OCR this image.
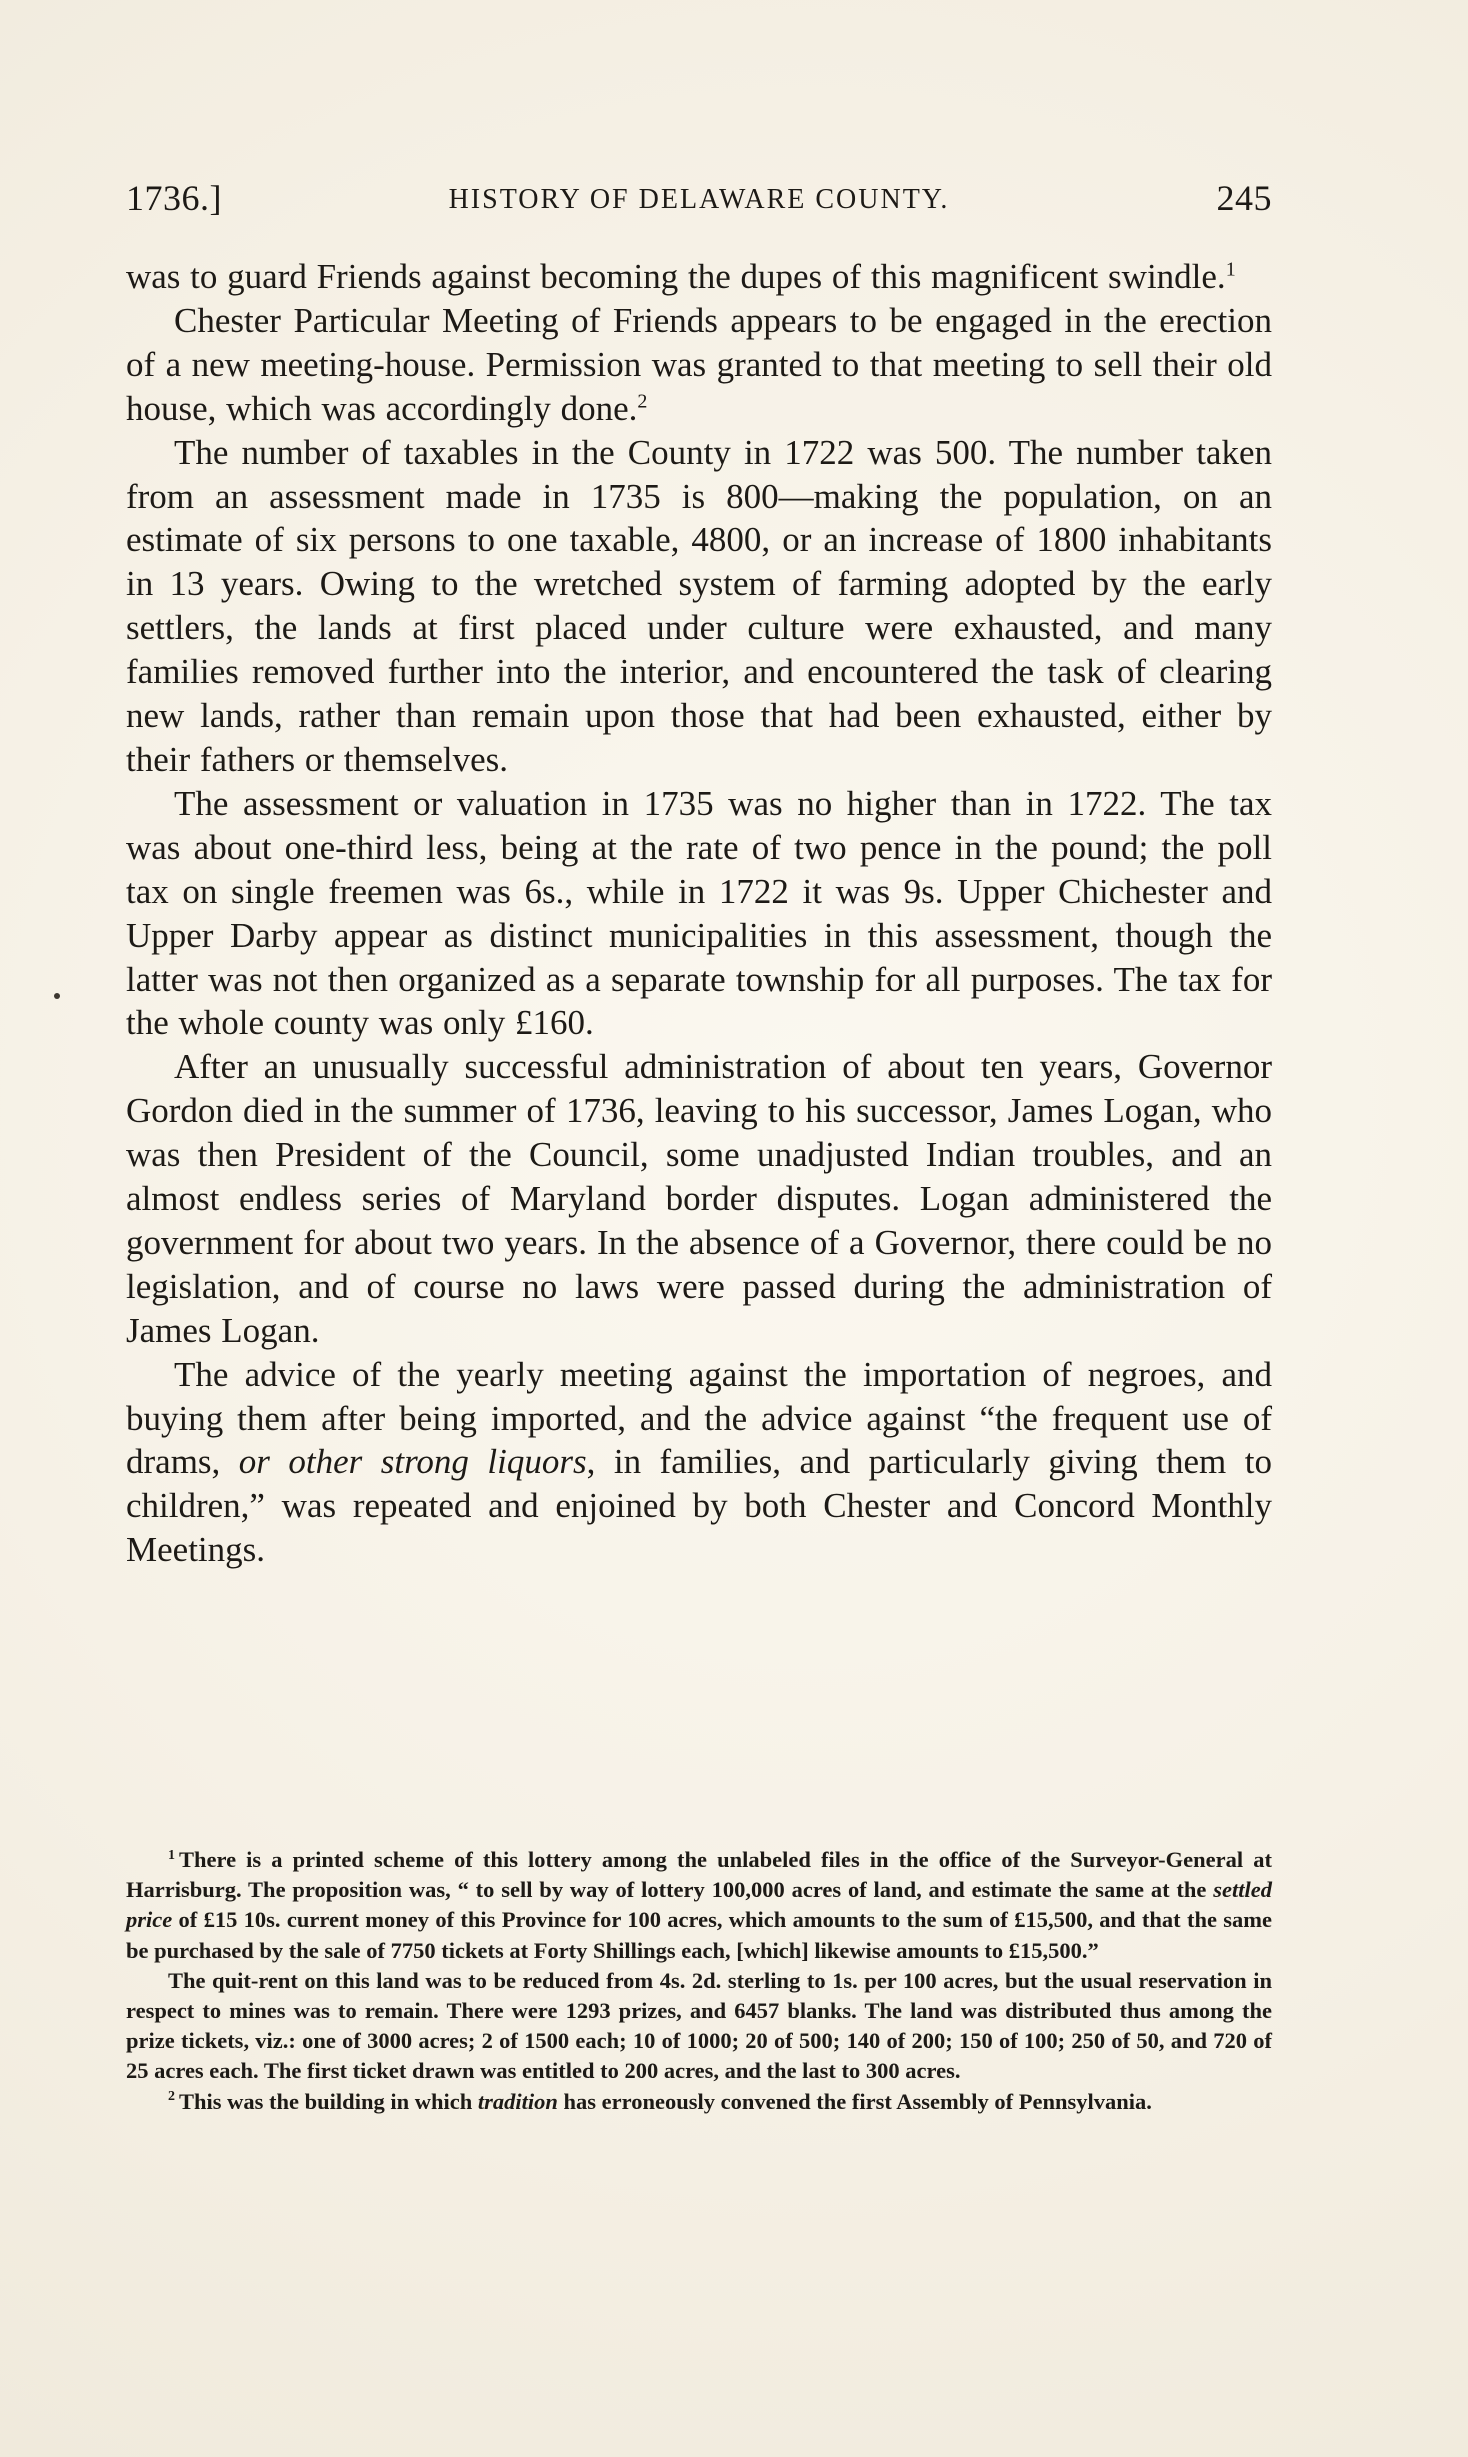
1736.]	HISTORY OF DELAWARE COUNTY.	245

was to guard Friends against becoming the dupes of this magnificent swindle.$^1$

Chester Particular Meeting of Friends appears to be engaged in the erection of a new meeting-house. Permission was granted to that meeting to sell their old house, which was accordingly done.$^2$

The number of taxables in the County in 1722 was 500. The number taken from an assessment made in 1735 is 800—making the population, on an estimate of six persons to one taxable, 4800, or an increase of 1800 inhabitants in 13 years. Owing to the wretched system of farming adopted by the early settlers, the lands at first placed under culture were exhausted, and many families removed further into the interior, and encountered the task of clearing new lands, rather than remain upon those that had been exhausted, either by their fathers or themselves.

The assessment or valuation in 1735 was no higher than in 1722. The tax was about one-third less, being at the rate of two pence in the pound; the poll tax on single freemen was 6s., while in 1722 it was 9s. Upper Chichester and Upper Darby appear as distinct municipalities in this assessment, though the latter was not then organized as a separate township for all purposes. The tax for the whole county was only £160.

After an unusually successful administration of about ten years, Governor Gordon died in the summer of 1736, leaving to his successor, James Logan, who was then President of the Council, some unadjusted Indian troubles, and an almost endless series of Maryland border disputes. Logan administered the government for about two years. In the absence of a Governor, there could be no legislation, and of course no laws were passed during the administration of James Logan.

The advice of the yearly meeting against the importation of negroes, and buying them after being imported, and the advice against “the frequent use of drams, or other strong liquors, in families, and particularly giving them to children,” was repeated and enjoined by both Chester and Concord Monthly Meetings.

$^1$ There is a printed scheme of this lottery among the unlabeled files in the office of the Surveyor-General at Harrisburg. The proposition was, “ to sell by way of lottery 100,000 acres of land, and estimate the same at the settled price of £15 10s. current money of this Province for 100 acres, which amounts to the sum of £15,500, and that the same be purchased by the sale of 7750 tickets at Forty Shillings each, [which] likewise amounts to £15,500.”

The quit-rent on this land was to be reduced from 4s. 2d. sterling to 1s. per 100 acres, but the usual reservation in respect to mines was to remain. There were 1293 prizes, and 6457 blanks. The land was distributed thus among the prize tickets, viz.: one of 3000 acres; 2 of 1500 each; 10 of 1000; 20 of 500; 140 of 200; 150 of 100; 250 of 50, and 720 of 25 acres each. The first ticket drawn was entitled to 200 acres, and the last to 300 acres.

$^2$ This was the building in which tradition has erroneously convened the first Assembly of Pennsylvania.
